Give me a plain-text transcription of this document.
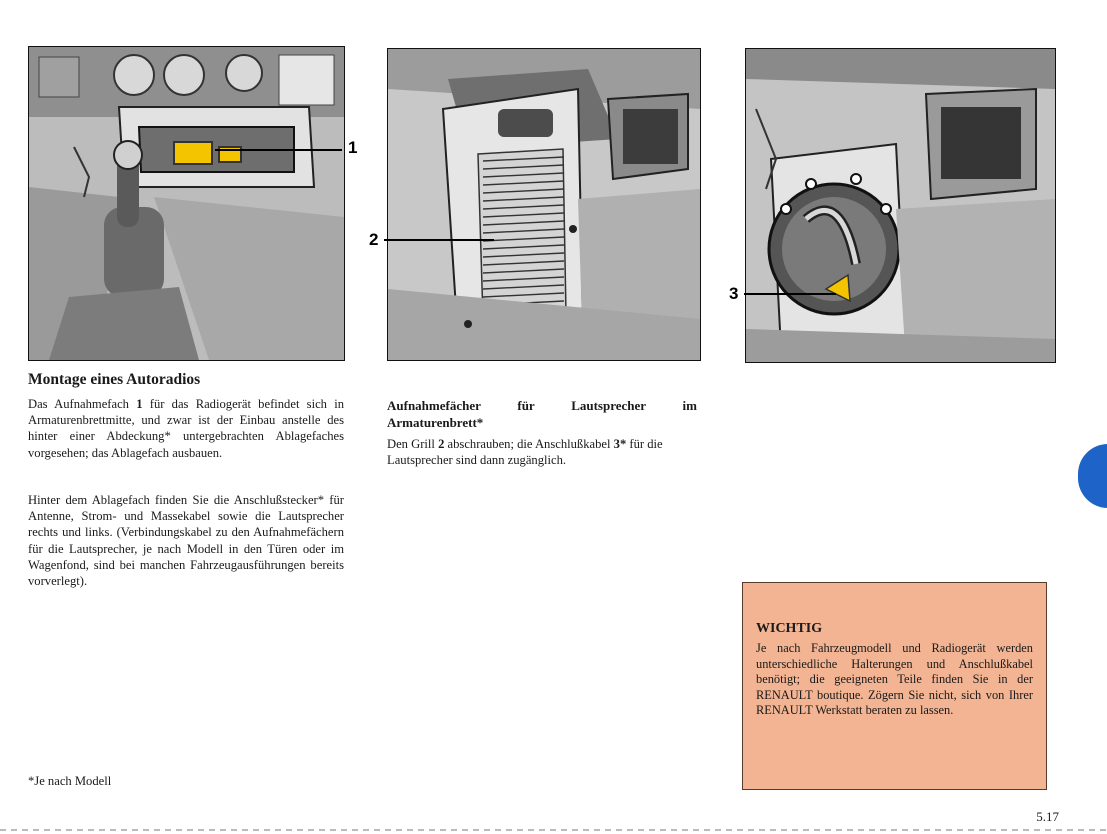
1
2
3
Montage eines Autoradios

Das Aufnahmefach 1 für das Radiogerät befindet sich in Armaturenbrettmitte, und zwar ist der Einbau anstelle des hinter einer Abdeckung* untergebrachten Ablagefaches vorgesehen; das Ablagefach ausbauen.

Hinter dem Ablagefach finden Sie die Anschlußstecker* für Antenne, Strom- und Massekabel sowie die Lautsprecher rechts und links. (Verbindungskabel zu den Aufnahmefächern für die Lautsprecher, je nach Modell in den Türen oder im Wagenfond, sind bei manchen Fahrzeugausführungen bereits vorverlegt).

Aufnahmefächer für Lautsprecher im
Armaturenbrett*

Den Grill 2 abschrauben; die Anschlußkabel 3* für die Lautsprecher sind dann zugänglich.

WICHTIG

Je nach Fahrzeugmodell und Radiogerät werden unterschiedliche Halterungen und Anschlußkabel benötigt; die geeigneten Teile finden Sie in der RENAULT boutique. Zögern Sie nicht, sich von Ihrer RENAULT Werkstatt beraten zu lassen.

*Je nach Modell
5.17
